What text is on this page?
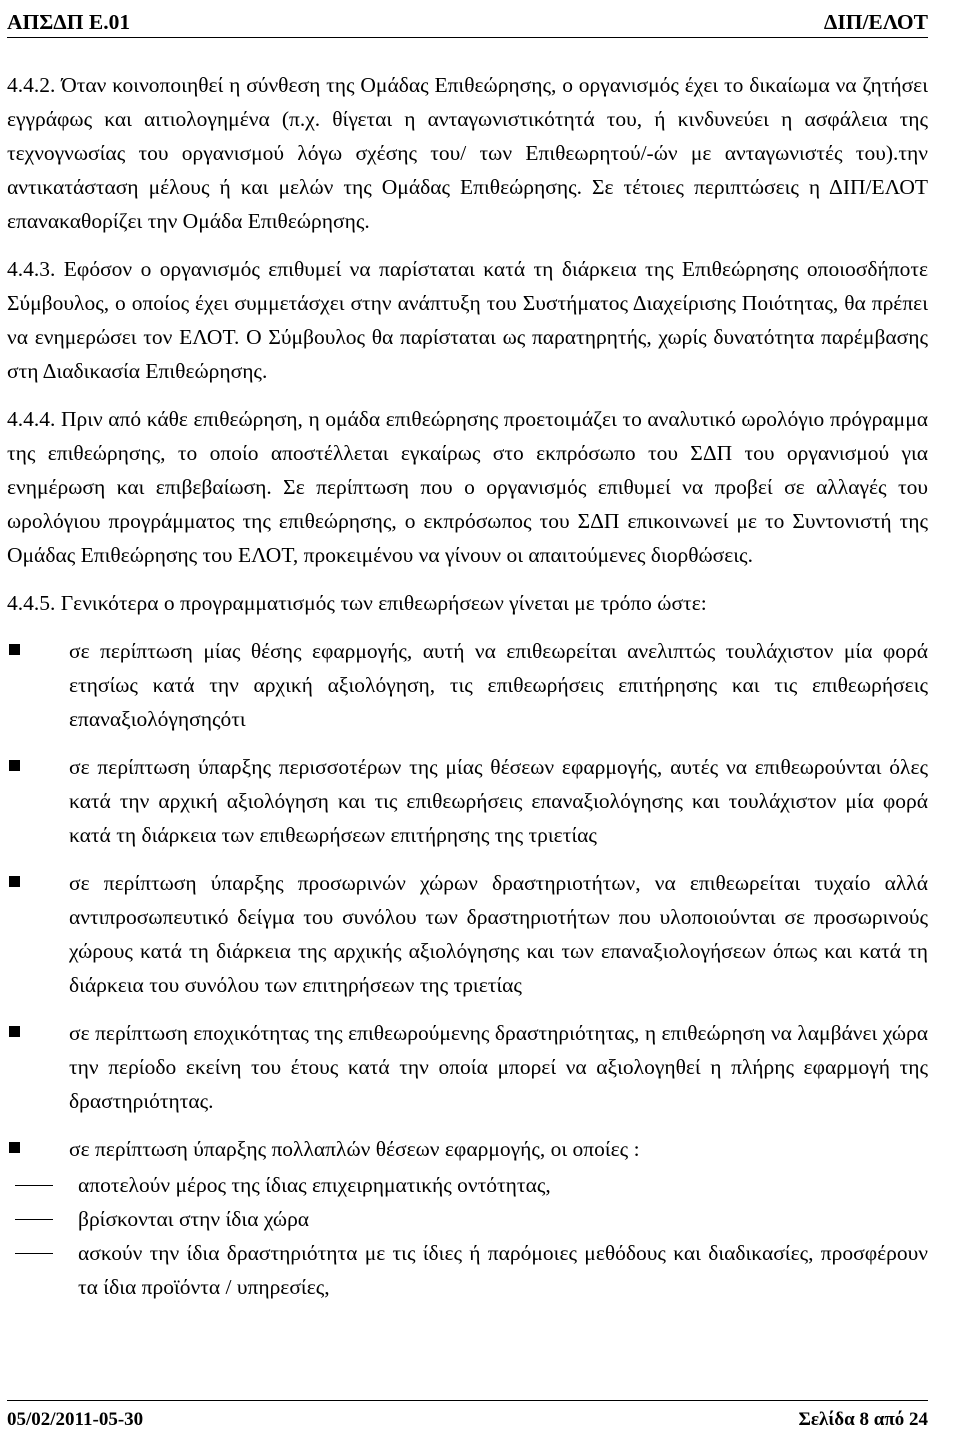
ΑΠΣΔΠ Ε.01	ΔΙΠ/ΕΛΟΤ

4.4.2. Όταν κοινοποιηθεί η σύνθεση της Ομάδας Επιθεώρησης, ο οργανισμός έχει το δικαίωμα να ζητήσει εγγράφως και αιτιολογημένα (π.χ. θίγεται η ανταγωνιστικότητά του, ή κινδυνεύει η ασφάλεια της τεχνογνωσίας του οργανισμού λόγω σχέσης του/ των Επιθεωρητού/-ών με ανταγωνιστές του).την αντικατάσταση μέλους ή και μελών της Ομάδας Επιθεώρησης. Σε τέτοιες περιπτώσεις η ΔΙΠ/ΕΛΟΤ επανακαθορίζει την Ομάδα Επιθεώρησης.

4.4.3. Εφόσον ο οργανισμός επιθυμεί να παρίσταται κατά τη διάρκεια της Επιθεώρησης οποιοσδήποτε Σύμβουλος, ο οποίος έχει συμμετάσχει στην ανάπτυξη του Συστήματος Διαχείρισης Ποιότητας, θα πρέπει να ενημερώσει τον ΕΛΟΤ. Ο Σύμβουλος θα παρίσταται ως παρατηρητής, χωρίς δυνατότητα παρέμβασης στη Διαδικασία Επιθεώρησης.

4.4.4. Πριν από κάθε επιθεώρηση, η ομάδα επιθεώρησης προετοιμάζει το αναλυτικό ωρολόγιο πρόγραμμα της επιθεώρησης, το οποίο αποστέλλεται εγκαίρως στο εκπρόσωπο του ΣΔΠ του οργανισμού για ενημέρωση και επιβεβαίωση. Σε περίπτωση που ο οργανισμός επιθυμεί να προβεί σε αλλαγές του ωρολόγιου προγράμματος της επιθεώρησης, ο εκπρόσωπος του ΣΔΠ επικοινωνεί με το Συντονιστή της Ομάδας Επιθεώρησης του ΕΛΟΤ, προκειμένου να γίνουν οι απαιτούμενες διορθώσεις.

4.4.5. Γενικότερα ο προγραμματισμός των επιθεωρήσεων γίνεται με τρόπο ώστε:

σε περίπτωση μίας θέσης εφαρμογής, αυτή να επιθεωρείται ανελιπτώς τουλάχιστον μία φορά ετησίως κατά την αρχική αξιολόγηση, τις επιθεωρήσεις επιτήρησης και τις επιθεωρήσεις επαναξιολόγησηςότι
σε περίπτωση ύπαρξης περισσοτέρων της μίας θέσεων εφαρμογής, αυτές να επιθεωρούνται όλες κατά την αρχική αξιολόγηση και τις επιθεωρήσεις επαναξιολόγησης και τουλάχιστον μία φορά κατά τη διάρκεια των επιθεωρήσεων επιτήρησης της τριετίας
σε περίπτωση ύπαρξης προσωρινών χώρων δραστηριοτήτων, να επιθεωρείται τυχαίο αλλά αντιπροσωπευτικό δείγμα του συνόλου των δραστηριοτήτων που υλοποιούνται σε προσωρινούς χώρους κατά τη διάρκεια της αρχικής αξιολόγησης και των επαναξιολογήσεων όπως και κατά τη διάρκεια του συνόλου των επιτηρήσεων της τριετίας
σε περίπτωση εποχικότητας της επιθεωρούμενης δραστηριότητας, η επιθεώρηση να λαμβάνει χώρα την περίοδο εκείνη του έτους κατά την οποία μπορεί να αξιολογηθεί η πλήρης εφαρμογή της δραστηριότητας.
σε περίπτωση ύπαρξης πολλαπλών θέσεων εφαρμογής, οι οποίες :
αποτελούν μέρος της ίδιας επιχειρηματικής οντότητας,
βρίσκονται στην ίδια χώρα
ασκούν την ίδια δραστηριότητα με τις ίδιες ή παρόμοιες μεθόδους και διαδικασίες, προσφέρουν τα ίδια προϊόντα / υπηρεσίες,
05/02/2011-05-30	Σελίδα 8 από 24
